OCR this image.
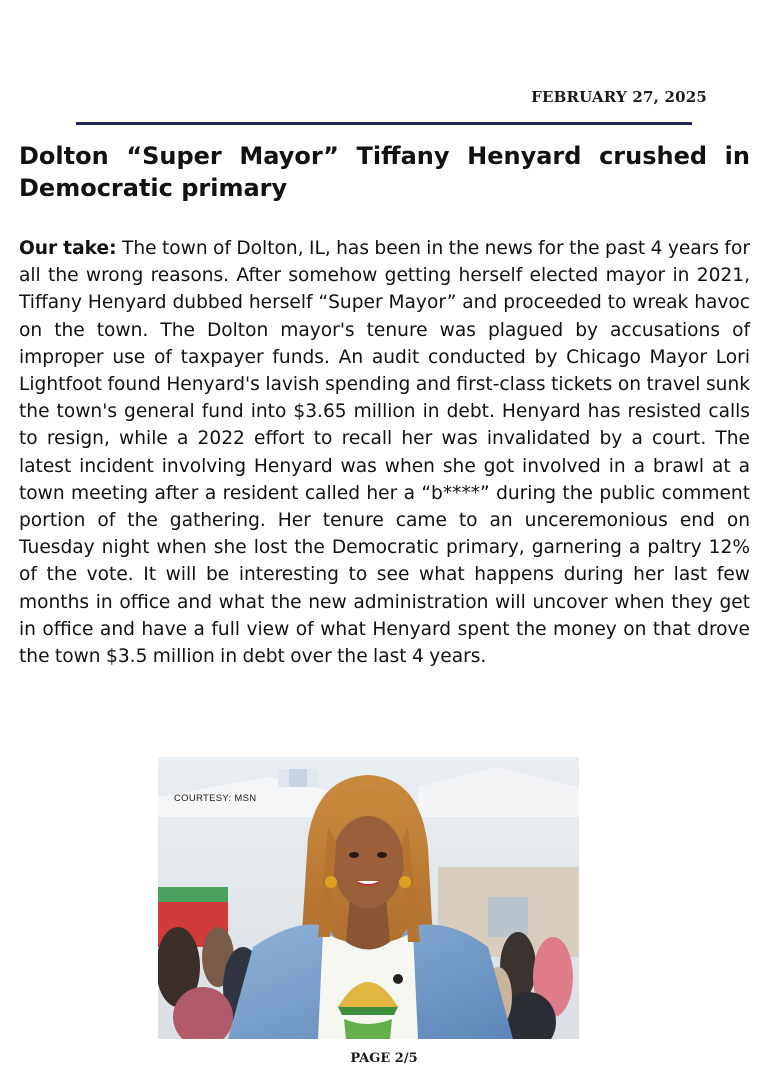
FEBRUARY 27, 2025
Dolton “Super Mayor” Tiffany Henyard crushed in Democratic primary

Our take: The town of Dolton, IL, has been in the news for the past 4 years for all the wrong reasons. After somehow getting herself elected mayor in 2021, Tiffany Henyard dubbed herself “Super Mayor” and proceeded to wreak havoc on the town. The Dolton mayor's tenure was plagued by accusations of improper use of taxpayer funds. An audit conducted by Chicago Mayor Lori Lightfoot found Henyard's lavish spending and first-class tickets on travel sunk the town's general fund into $3.65 million in debt. Henyard has resisted calls to resign, while a 2022 effort to recall her was invalidated by a court. The latest incident involving Henyard was when she got involved in a brawl at a town meeting after a resident called her a “b****” during the public comment portion of the gathering. Her tenure came to an unceremonious end on Tuesday night when she lost the Democratic primary, garnering a paltry 12% of the vote. It will be interesting to see what happens during her last few months in office and what the new administration will uncover when they get in office and have a full view of what Henyard spent the money on that drove the town $3.5 million in debt over the last 4 years.

COURTESY: MSN
PAGE 2/5
